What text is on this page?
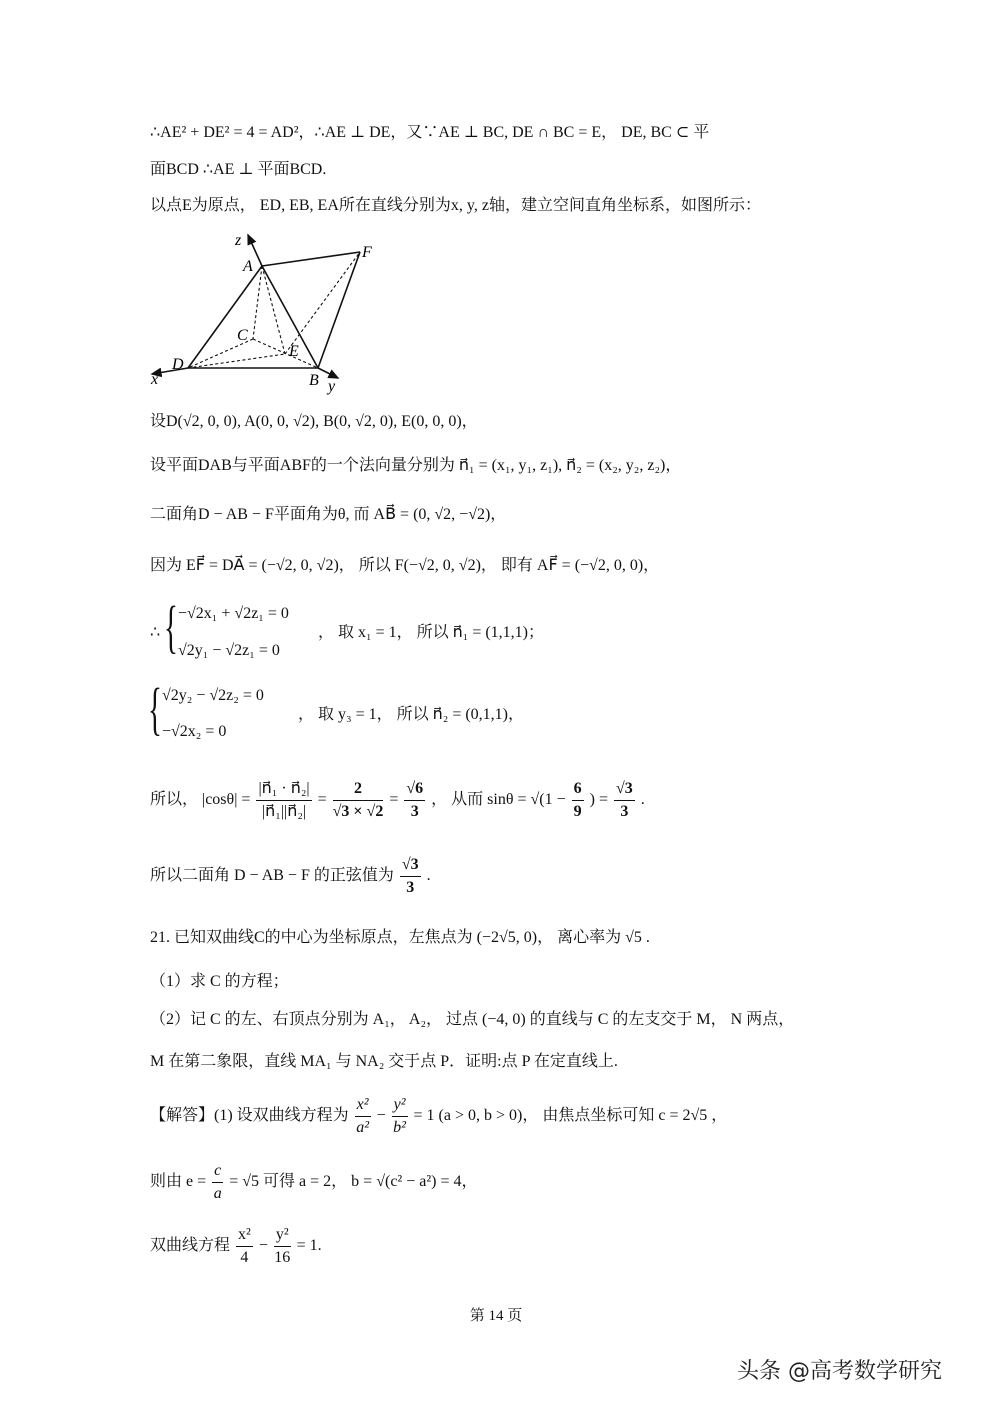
∴AE² + DE² = 4 = AD²，∴AE ⊥ DE，又∵AE ⊥ BC, DE ∩ BC = E， DE, BC ⊂ 平
面BCD ∴AE ⊥ 平面BCD.
以点E为原点， ED, EB, EA所在直线分别为x, y, z轴，建立空间直角坐标系，如图所示：
z
A
F
C
E
D
B
x	y
设D(√2, 0, 0), A(0, 0, √2), B(0, √2, 0), E(0, 0, 0)，
设平面DAB与平面ABF的一个法向量分别为 n⃗₁ = (x₁, y₁, z₁), n⃗₂ = (x₂, y₂, z₂)，
二面角D − AB − F平面角为θ, 而 AB⃗ = (0, √2, −√2)，
因为 EF⃗ = DA⃗ = (−√2, 0, √2)， 所以 F(−√2, 0, √2)， 即有 AF⃗ = (−√2, 0, 0)，
∴ { −√2x₁ + √2z₁ = 0
√2y₁ − √2z₁ = 0
， 取 x₁ = 1， 所以 n⃗₁ = (1,1,1)；
{ √2y₂ − √2z₂ = 0
−√2x₂ = 0
， 取 y₃ = 1， 所以 n⃗₂ = (0,1,1)，
所以， $|\cos\theta| = \frac{\text{|n⃗₁ · n⃗₂|}}{\text{|n⃗₁||n⃗₂|}} = \frac{2}{√3 \times √2} = \frac{√6}{3}$ ， 从而 $\sin\theta = √(1 - \frac{6}{9}$ ) = $\frac{√3}{3}$ .
所以二面角 D − AB − F 的正弦值为 $\frac{√3}{3}$ .
21. 已知双曲线C的中心为坐标原点，左焦点为 (−2√5, 0)， 离心率为 √5 .
（1）求 C 的方程；
（2）记 C 的左、右顶点分别为 A₁， A₂， 过点 (−4, 0) 的直线与 C 的左支交于 M， N 两点，
M 在第二象限，直线 MA₁ 与 NA₂ 交于点 P．证明:点 P 在定直线上.
【解答】(1) 设双曲线方程为 $\frac{\text{x²}}{\text{a²}} - \frac{\text{y²}}{\text{b²}} = 1$ (a > 0, b > 0)， 由焦点坐标可知 c = 2√5 ，
则由 $e = \frac{c}{a} = √5$ 可得 a = 2， b = √(c² − a²) = 4，
双曲线方程 $\frac{\text{x²}}{4} - \frac{\text{y²}}{16} = 1$.
第 14 页
头条 @高考数学研究
